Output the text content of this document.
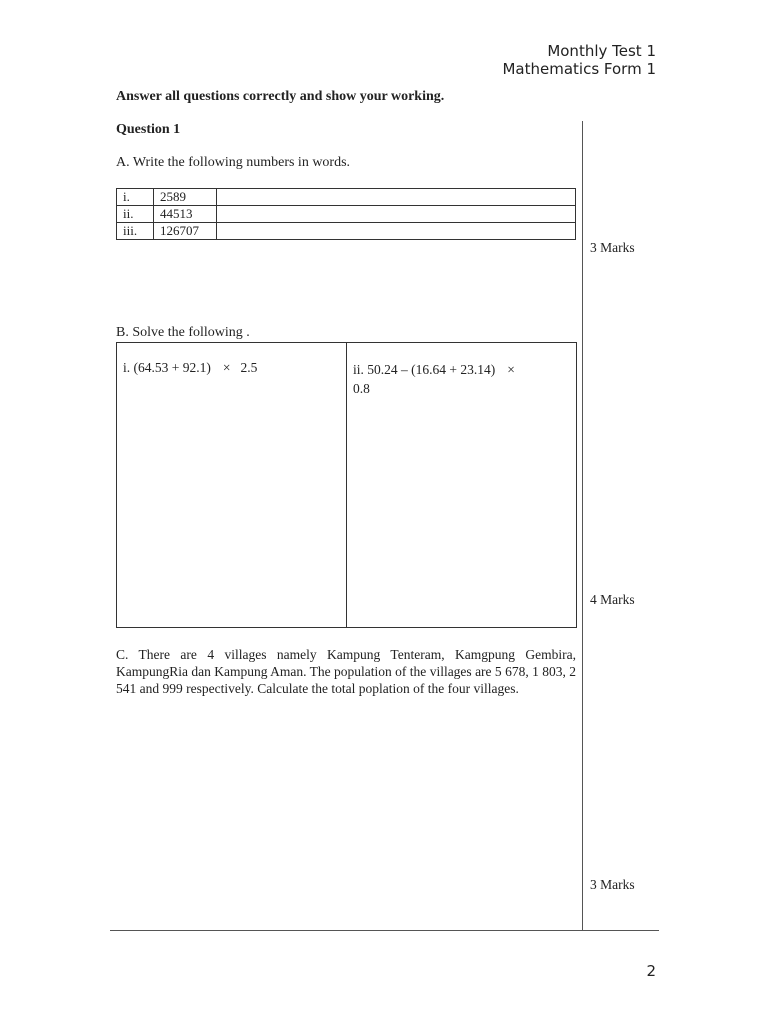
Monthly Test 1
Mathematics Form 1
Answer all questions correctly and show your working.
Question 1
A. Write the following numbers in words.
i.	2589	
ii.	44513	
iii.	126707	
3 Marks
B. Solve the following .
i. (64.53 + 92.1) × 2.5	ii. 50.24 – (16.64 + 23.14) ×
0.8
4 Marks
C. There are 4 villages namely Kampung Tenteram, Kamgpung Gembira, KampungRia dan Kampung Aman. The population of the villages are 5 678, 1 803, 2 541 and 999 respectively. Calculate the total poplation of the four villages.
3 Marks
2
